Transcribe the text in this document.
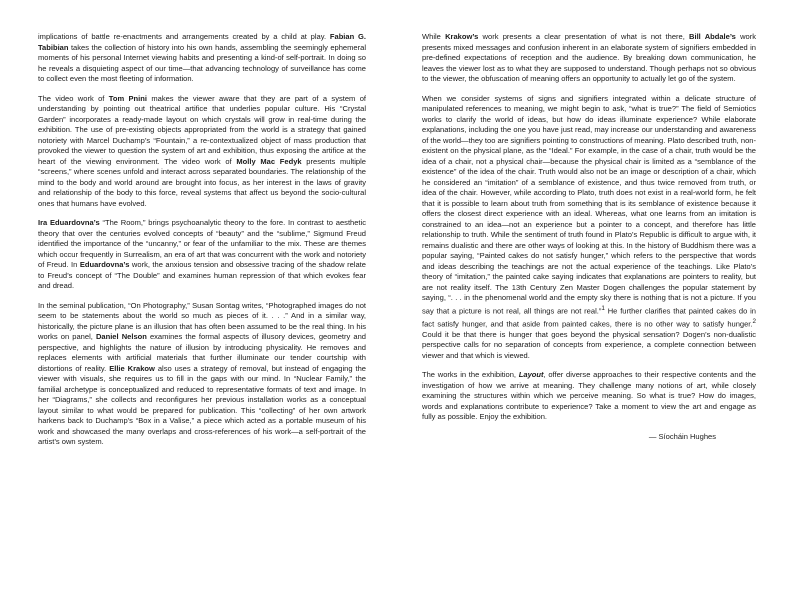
implications of battle re-enactments and arrangements created by a child at play. Fabian G. Tabibian takes the collection of history into his own hands, assembling the seemingly ephemeral moments of his personal Internet viewing habits and presenting a kind-of self-portrait. In doing so he reveals a disquieting aspect of our time—that advancing technology of surveillance has come to collect even the most fleeting of information.

The video work of Tom Pnini makes the viewer aware that they are part of a system of understanding by pointing out theatrical artifice that underlies popular culture. His “Crystal Garden” incorporates a ready-made layout on which crystals will grow in real-time during the exhibition. The use of pre-existing objects appropriated from the world is a strategy that gained notoriety with Marcel Duchamp’s “Fountain,” a re-contextualized object of mass production that provoked the viewer to question the system of art and exhibition, thus exposing the artifice at the heart of the viewing environment. The video work of Molly Mac Fedyk presents multiple “screens,” where scenes unfold and interact across separated boundaries. The relationship of the mind to the body and world around are brought into focus, as her interest in the laws of gravity and relationship of the body to this force, reveal systems that affect us beyond the socio-cultural ones that humans have evolved.

Ira Eduardovna’s “The Room,” brings psychoanalytic theory to the fore. In contrast to aesthetic theory that over the centuries evolved concepts of “beauty” and the “sublime,” Sigmund Freud identified the importance of the “uncanny,” or fear of the unfamiliar to the mix. These are themes which occur frequently in Surrealism, an era of art that was concurrent with the work and notoriety of Freud. In Eduardovna’s work, the anxious tension and obsessive tracing of the shadow relate to Freud’s concept of “The Double” and examines human repression of that which evokes fear and dread.

In the seminal publication, “On Photography,” Susan Sontag writes, “Photographed images do not seem to be statements about the world so much as pieces of it. . . .” And in a similar way, historically, the picture plane is an illusion that has often been assumed to be the real thing. In his works on panel, Daniel Nelson examines the formal aspects of illusory devices, geometry and perspective, and highlights the nature of illusion by introducing physicality. He removes and replaces elements with artificial materials that further illuminate our tender courtship with distortions of reality. Ellie Krakow also uses a strategy of removal, but instead of engaging the viewer with visuals, she requires us to fill in the gaps with our mind. In “Nuclear Family,” the familial archetype is conceptualized and reduced to representative formats of text and image. In her “Diagrams,” she collects and reconfigures her previous installation works as a conceptual layout similar to what would be prepared for publication. This “collecting” of her own artwork harkens back to Duchamp’s “Box in a Valise,” a piece which acted as a portable museum of his work and showcased the many overlaps and cross-references of his work—a self-portrait of the artist’s own system.

While Krakow’s work presents a clear presentation of what is not there, Bill Abdale’s work presents mixed messages and confusion inherent in an elaborate system of signifiers embedded in pre-defined expectations of reception and the audience. By breaking down communication, he leaves the viewer lost as to what they are supposed to understand. Though perhaps not so obvious to the viewer, the obfuscation of meaning offers an opportunity to actually let go of the system.

When we consider systems of signs and signifiers integrated within a delicate structure of manipulated references to meaning, we might begin to ask, “what is true?” The field of Semiotics works to clarify the world of ideas, but how do ideas illuminate experience? While elaborate explanations, including the one you have just read, may increase our understanding and awareness of the world—they too are signifiers pointing to constructions of meaning. Plato described truth, non-existent on the physical plane, as the “Ideal.” For example, in the case of a chair, truth would be the idea of a chair, not a physical chair—because the physical chair is limited as a “semblance of the existence” of the idea of the chair. Truth would also not be an image or description of a chair, which he considered an “imitation” of a semblance of existence, and thus twice removed from truth, or idea of the chair. However, while according to Plato, truth does not exist in a real-world form, he felt that it is possible to learn about truth from something that is its semblance of existence because it offers the closest direct experience with an ideal. Whereas, what one learns from an imitation is constrained to an idea—not an experience but a pointer to a concept, and therefore has little relationship to truth. While the sentiment of truth found in Plato’s Republic is difficult to argue with, it remains dualistic and there are other ways of looking at this. In the history of Buddhism there was a popular saying, “Painted cakes do not satisfy hunger,” which refers to the perspective that words and ideas describing the teachings are not the actual experience of the teachings. Like Plato’s theory of “imitation,” the painted cake saying indicates that explanations are pointers to reality, but are not reality itself. The 13th Century Zen Master Dogen challenges the popular statement by saying, “. . . in the phenomenal world and the empty sky there is nothing that is not a picture. If you say that a picture is not real, all things are not real.”$^1$ He further clarifies that painted cakes do in fact satisfy hunger, and that aside from painted cakes, there is no other way to satisfy hunger.$^2$ Could it be that there is hunger that goes beyond the physical sensation? Dogen’s non-dualistic perspective calls for no separation of concepts from experience, a complete connection between viewer and that which is viewed.

The works in the exhibition, Layout, offer diverse approaches to their respective contents and the investigation of how we arrive at meaning. They challenge many notions of art, while closely examining the structures within which we perceive meaning. So what is true? How do images, words and explanations contribute to experience? Take a moment to view the art and engage as fully as possible. Enjoy the exhibition.

— Síocháin Hughes
